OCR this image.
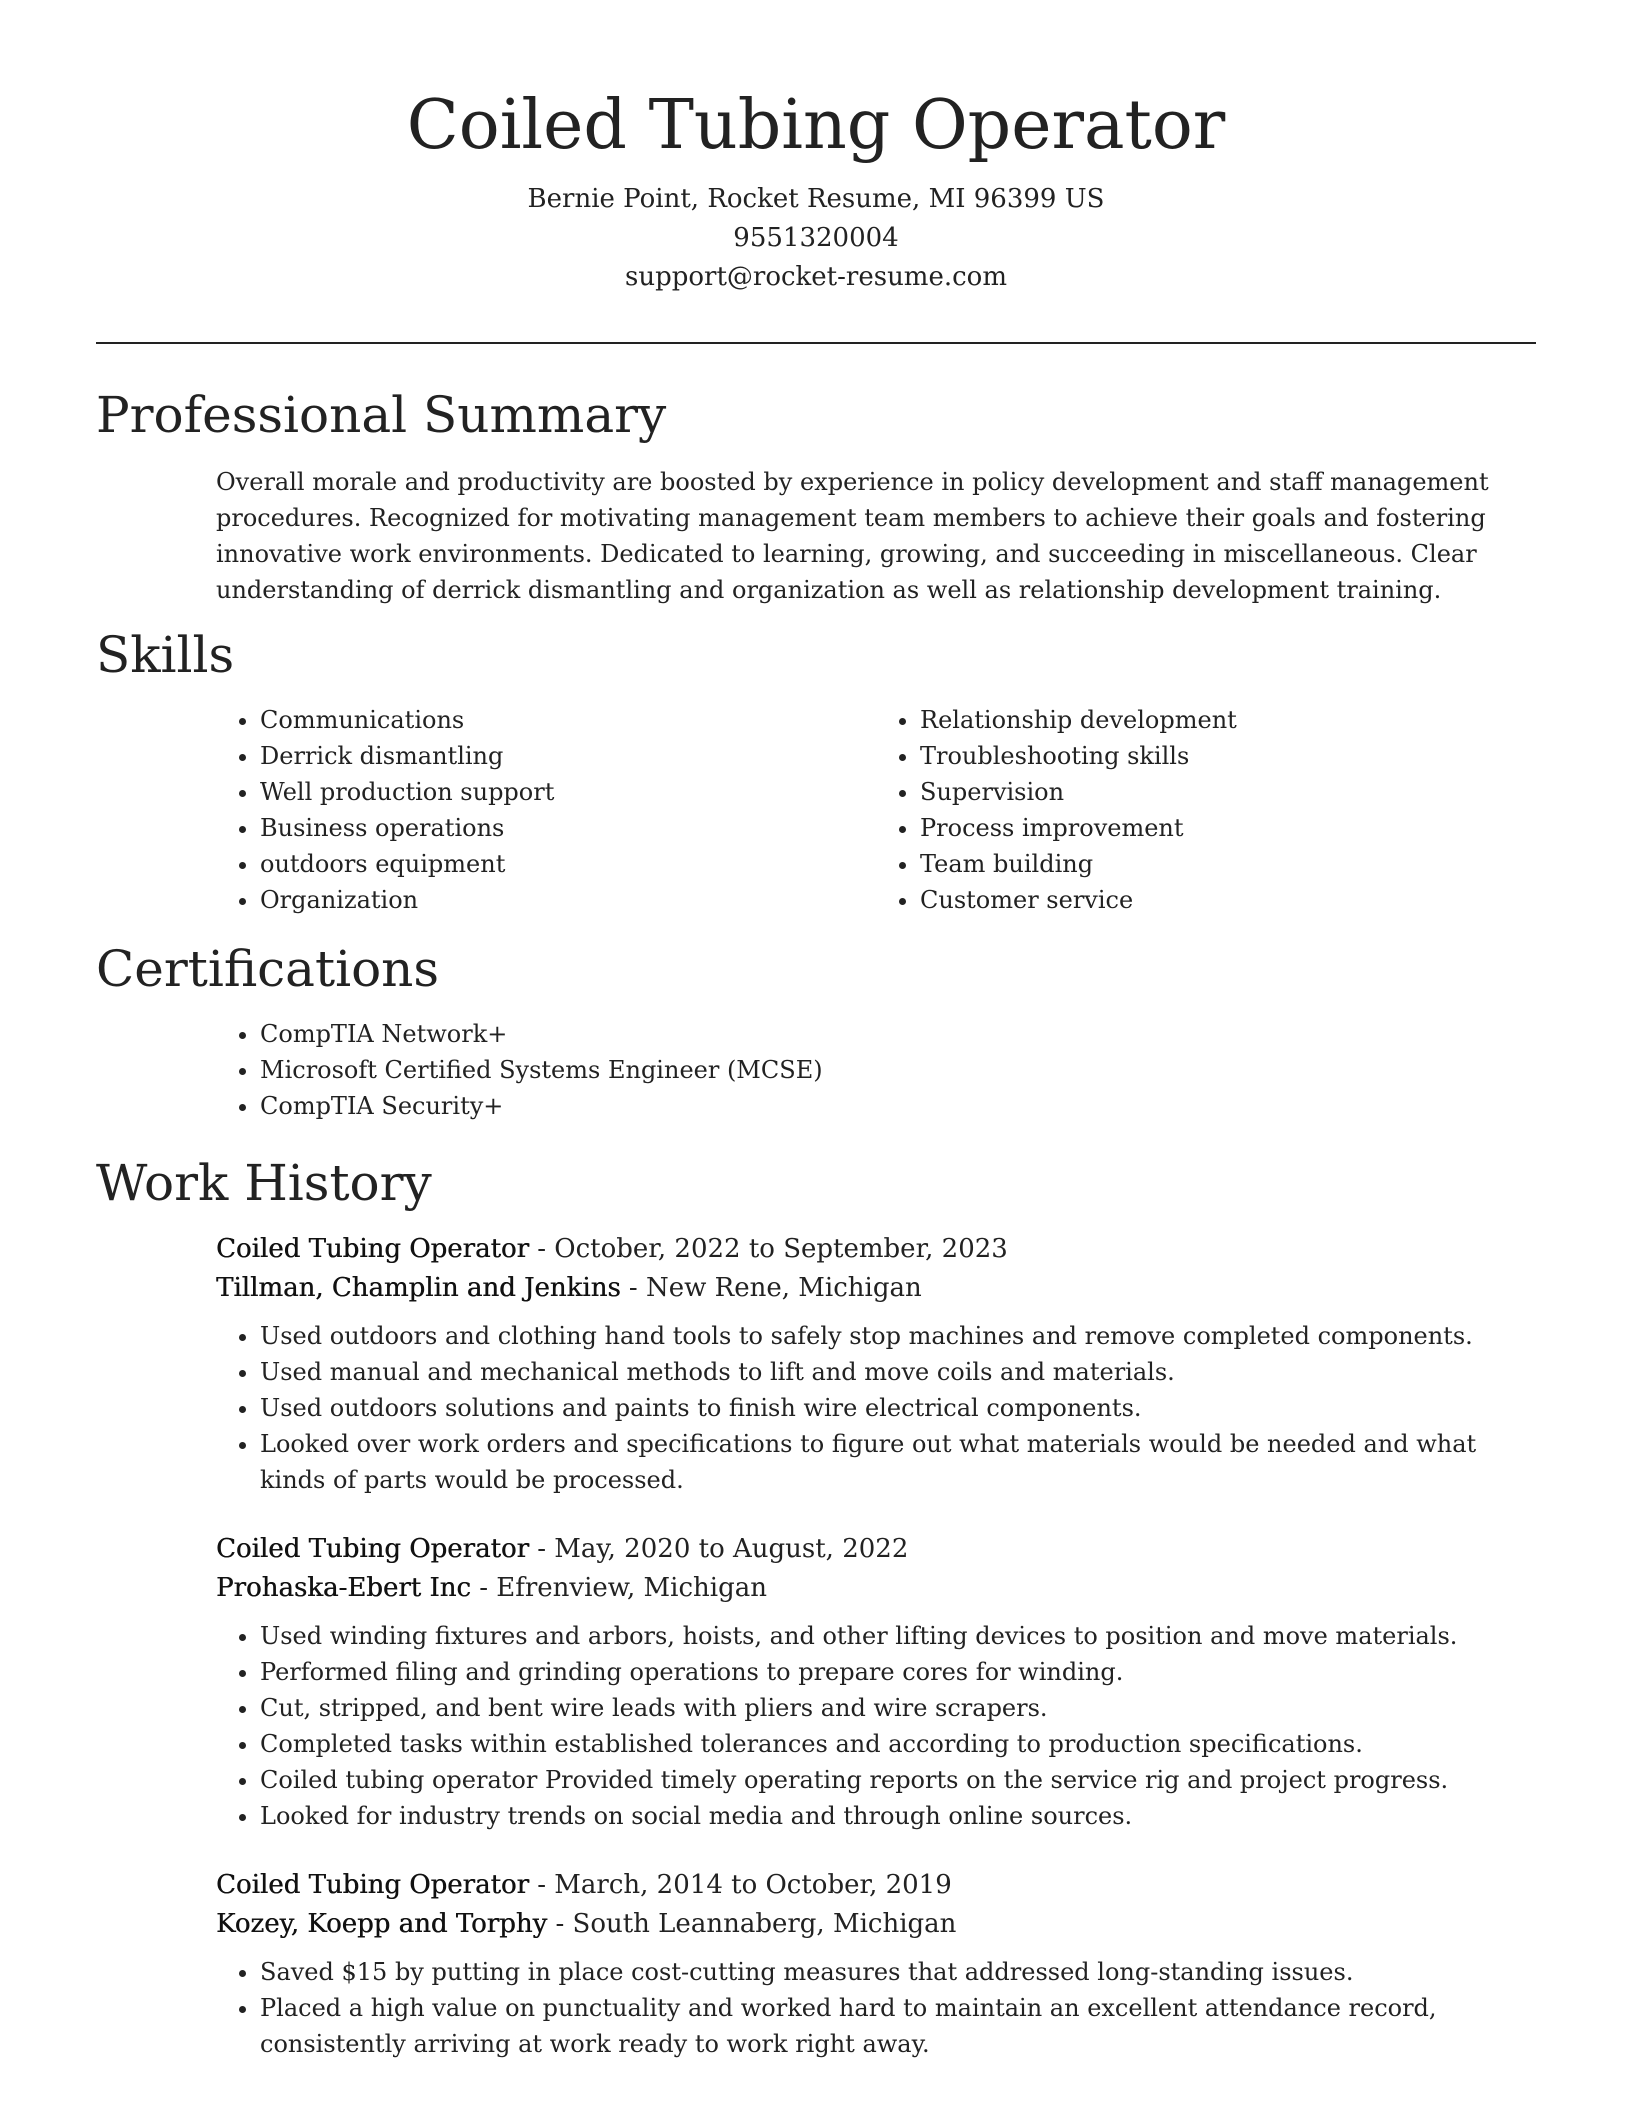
Coiled Tubing Operator
Bernie Point, Rocket Resume, MI 96399 US
9551320004
support@rocket-resume.com
Professional Summary

Overall morale and productivity are boosted by experience in policy development and staff management procedures. Recognized for motivating management team members to achieve their goals and fostering innovative work environments. Dedicated to learning, growing, and succeeding in miscellaneous. Clear understanding of derrick dismantling and organization as well as relationship development training.

Skills
• Communications
• Derrick dismantling
• Well production support
• Business operations
• outdoors equipment
• Organization
• Relationship development
• Troubleshooting skills
• Supervision
• Process improvement
• Team building
• Customer service
Certifications
• CompTIA Network+
• Microsoft Certified Systems Engineer (MCSE)
• CompTIA Security+
Work History
Coiled Tubing Operator - October, 2022 to September, 2023
Tillman, Champlin and Jenkins - New Rene, Michigan
• Used outdoors and clothing hand tools to safely stop machines and remove completed components.
• Used manual and mechanical methods to lift and move coils and materials.
• Used outdoors solutions and paints to finish wire electrical components.
• Looked over work orders and specifications to figure out what materials would be needed and what kinds of parts would be processed.
Coiled Tubing Operator - May, 2020 to August, 2022
Prohaska-Ebert Inc - Efrenview, Michigan
• Used winding fixtures and arbors, hoists, and other lifting devices to position and move materials.
• Performed filing and grinding operations to prepare cores for winding.
• Cut, stripped, and bent wire leads with pliers and wire scrapers.
• Completed tasks within established tolerances and according to production specifications.
• Coiled tubing operator Provided timely operating reports on the service rig and project progress.
• Looked for industry trends on social media and through online sources.
Coiled Tubing Operator - March, 2014 to October, 2019
Kozey, Koepp and Torphy - South Leannaberg, Michigan
• Saved $15 by putting in place cost-cutting measures that addressed long-standing issues.
• Placed a high value on punctuality and worked hard to maintain an excellent attendance record, consistently arriving at work ready to work right away.
